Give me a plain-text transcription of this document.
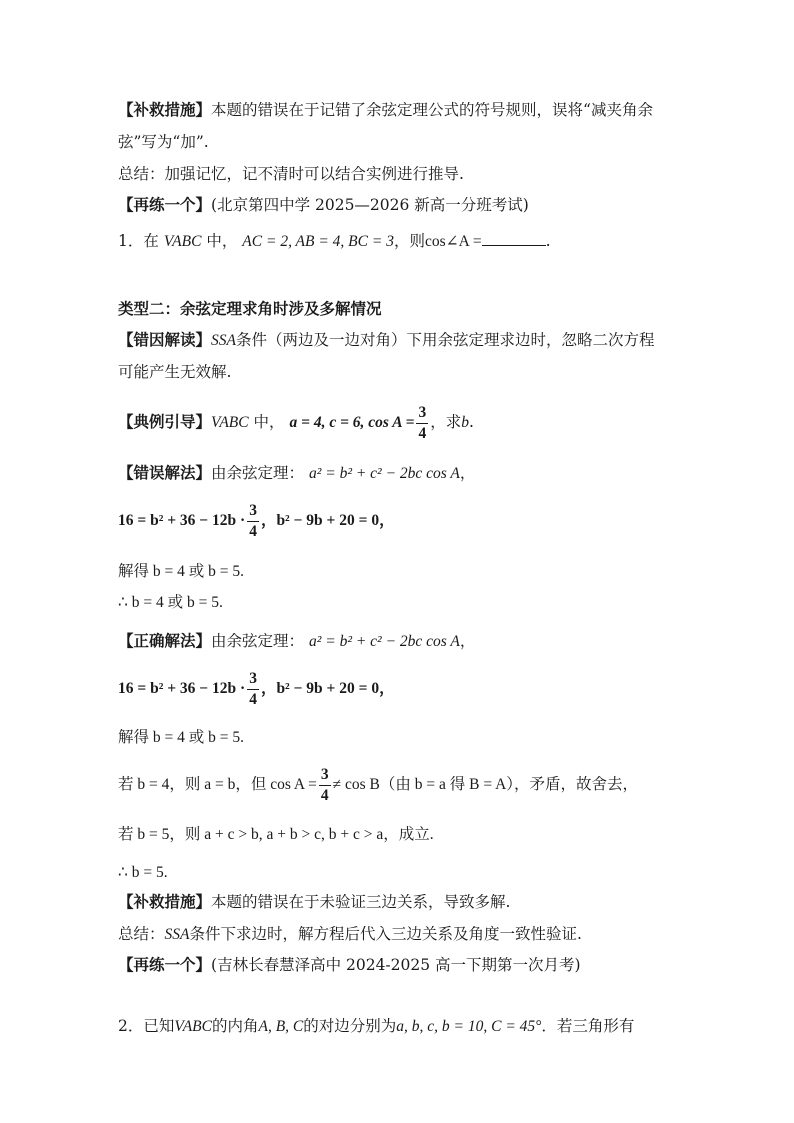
【补救措施】本题的错误在于记错了余弦定理公式的符号规则，误将“减夹角余
弦”写为“加”.
总结：加强记忆，记不清时可以结合实例进行推导.
【再练一个】(北京第四中学 2025—2026 新高一分班考试)
1．在 VABC 中， AC = 2, AB = 4, BC = 3，则cos∠A =	.
类型二：余弦定理求角时涉及多解情况
【错因解读】SSA条件（两边及一边对角）下用余弦定理求边时，忽略二次方程
可能产生无效解.
【典例引导】VABC 中， a = 4, c = 6, $\cos A = \frac{3}{4}$ ，求b.
【错误解法】由余弦定理： a² = b² + c² − 2bc cos A，
$16 = b^2 + 36 - 12b \cdot \frac{3}{4}$ ，b² − 9b + 20 = 0，
解得 b = 4 或 b = 5.
∴ b = 4 或 b = 5.
【正确解法】由余弦定理： a² = b² + c² − 2bc cos A，
$16 = b^2 + 36 - 12b \cdot \frac{3}{4}$ ，b² − 9b + 20 = 0，
解得 b = 4 或 b = 5.
若 b = 4，则 a = b，但 $\cos A = \frac{3}{4} \ne \cos B$（由 b = a 得 B = A），矛盾，故舍去，
若 b = 5，则 a + c > b, a + b > c, b + c > a，成立.
∴ b = 5.
【补救措施】本题的错误在于未验证三边关系，导致多解.
总结：SSA条件下求边时，解方程后代入三边关系及角度一致性验证.
【再练一个】(吉林长春慧泽高中 2024-2025 高一下期第一次月考)
2．已知VABC的内角A, B, C的对边分别为a, b, c, b = 10, C = 45°．若三角形有
